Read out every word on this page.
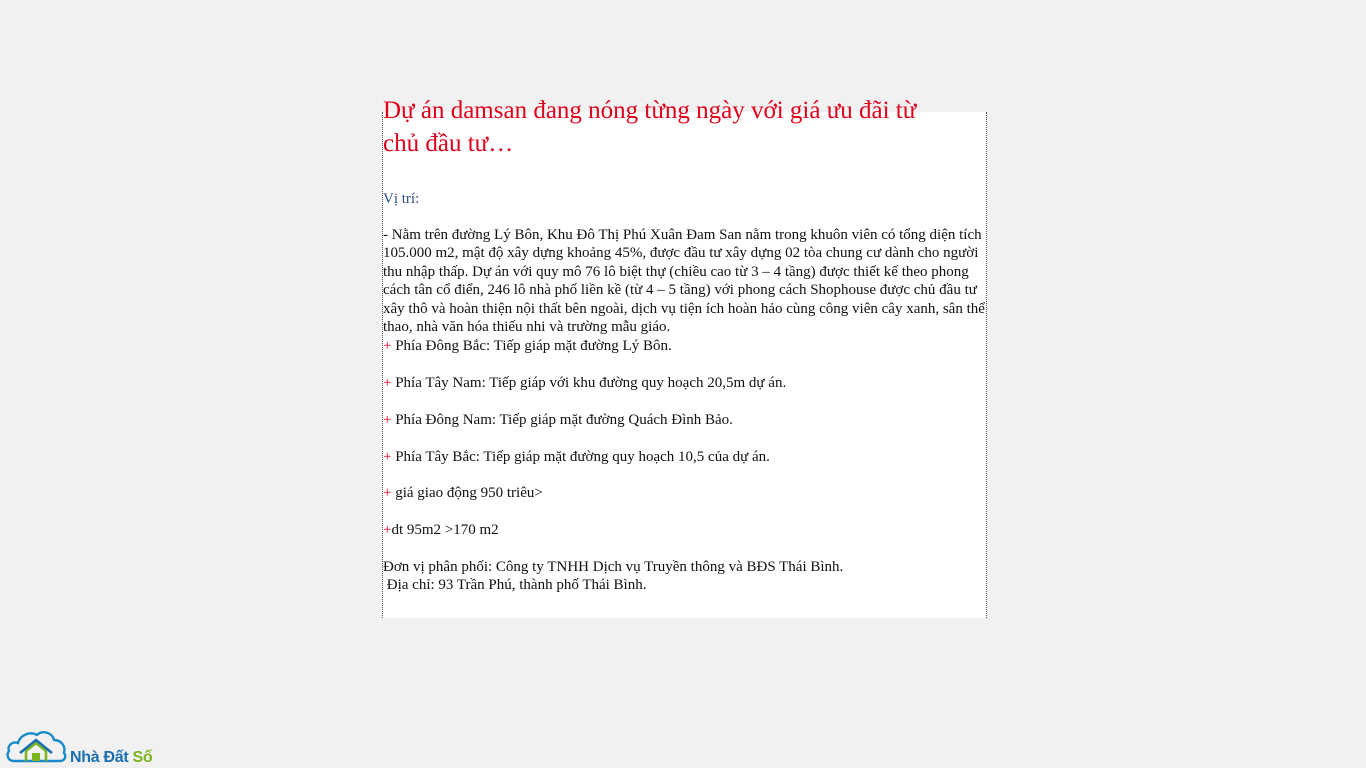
Dự án damsan đang nóng từng ngày với giá ưu đãi từ
chủ đầu tư…

Vị trí:

- Nằm trên đường Lý Bôn, Khu Đô Thị Phú Xuân Đam San nằm trong khuôn viên có tổng diện tích 105.000 m2, mật độ xây dựng khoảng 45%, được đầu tư xây dựng 02 tòa chung cư dành cho người thu nhập thấp. Dự án với quy mô 76 lô biệt thự (chiều cao từ 3 – 4 tầng) được thiết kế theo phong cách tân cổ điển, 246 lô nhà phố liền kề (từ 4 – 5 tầng) với phong cách Shophouse được chủ đầu tư xây thô và hoàn thiện nội thất bên ngoài, dịch vụ tiện ích hoàn hảo cùng công viên cây xanh, sân thể thao, nhà văn hóa thiếu nhi và trường mẫu giáo.

+ Phía Đông Bắc: Tiếp giáp mặt đường Lý Bôn.

+ Phía Tây Nam: Tiếp giáp với khu đường quy hoạch 20,5m dự án.

+ Phía Đông Nam: Tiếp giáp mặt đường Quách Đình Bảo.

+ Phía Tây Bắc: Tiếp giáp mặt đường quy hoạch 10,5 của dự án.

+ giá giao động 950 triêu>

+dt 95m2 >170 m2

Đơn vị phân phối: Công ty TNHH Dịch vụ Truyền thông và BĐS Thái Bình.

Địa chỉ: 93 Trần Phú, thành phố Thái Bình.

Nhà Đất Số
